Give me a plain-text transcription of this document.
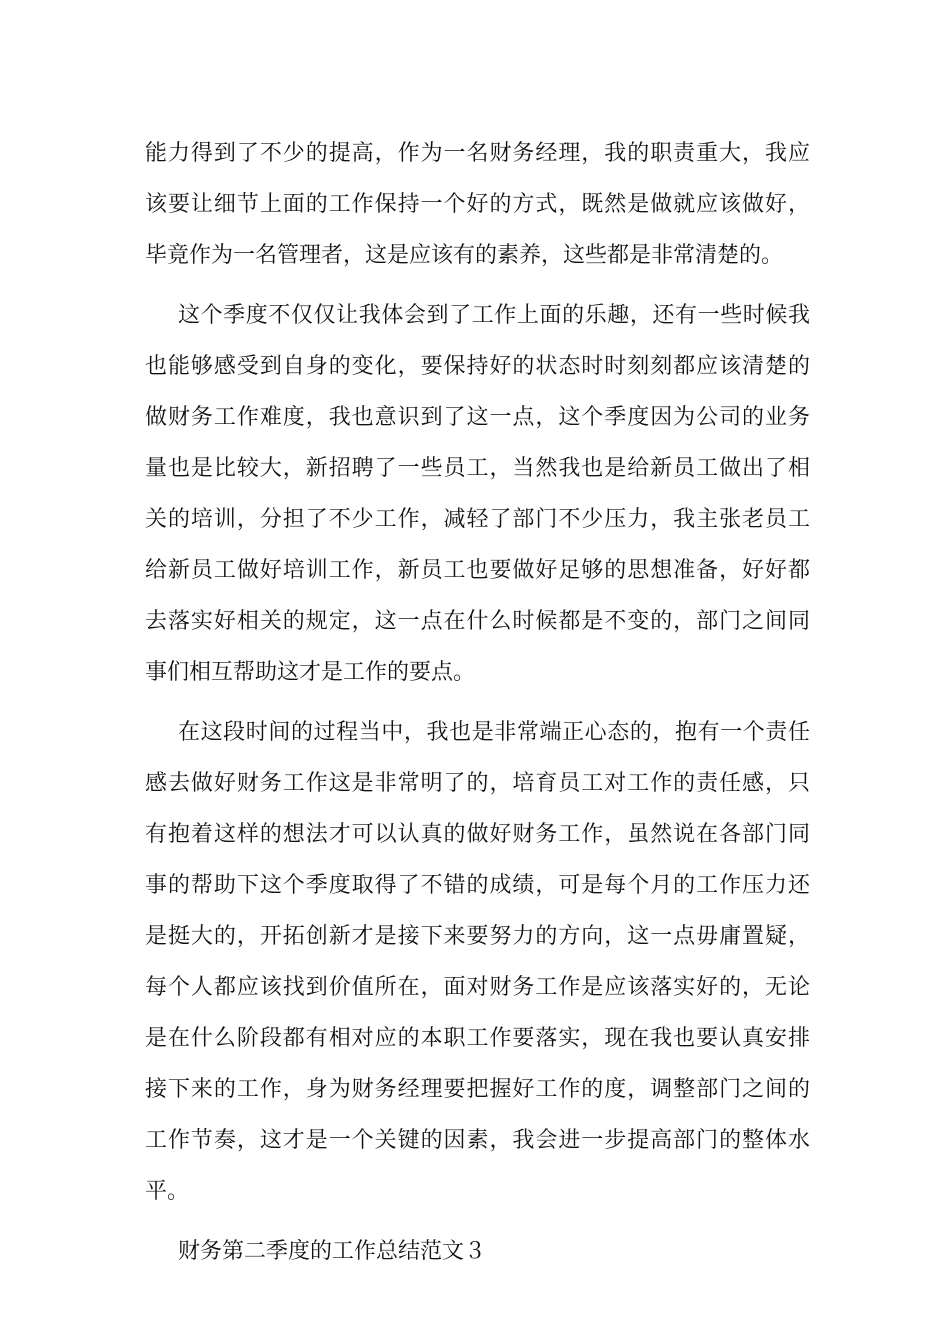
能力得到了不少的提高，作为一名财务经理，我的职责重大，我应
该要让细节上面的工作保持一个好的方式，既然是做就应该做好，
毕竟作为一名管理者，这是应该有的素养，这些都是非常清楚的。
这个季度不仅仅让我体会到了工作上面的乐趣，还有一些时候我
也能够感受到自身的变化，要保持好的状态时时刻刻都应该清楚的
做财务工作难度，我也意识到了这一点，这个季度因为公司的业务
量也是比较大，新招聘了一些员工，当然我也是给新员工做出了相
关的培训，分担了不少工作，减轻了部门不少压力，我主张老员工
给新员工做好培训工作，新员工也要做好足够的思想准备，好好都
去落实好相关的规定，这一点在什么时候都是不变的，部门之间同
事们相互帮助这才是工作的要点。
在这段时间的过程当中，我也是非常端正心态的，抱有一个责任
感去做好财务工作这是非常明了的，培育员工对工作的责任感，只
有抱着这样的想法才可以认真的做好财务工作，虽然说在各部门同
事的帮助下这个季度取得了不错的成绩，可是每个月的工作压力还
是挺大的，开拓创新才是接下来要努力的方向，这一点毋庸置疑，
每个人都应该找到价值所在，面对财务工作是应该落实好的，无论
是在什么阶段都有相对应的本职工作要落实，现在我也要认真安排
接下来的工作，身为财务经理要把握好工作的度，调整部门之间的
工作节奏，这才是一个关键的因素，我会进一步提高部门的整体水
平。
财务第二季度的工作总结范文３
